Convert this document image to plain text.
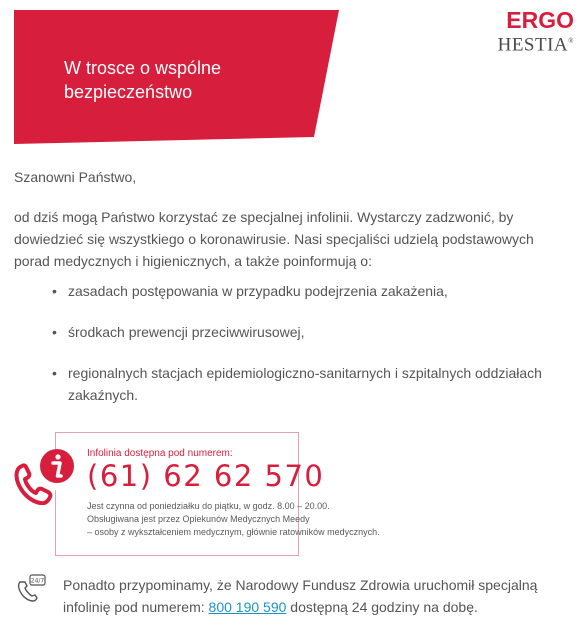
W trosce o wspólne bezpieczeństwo
ERGO
HESTIA®
Szanowni Państwo,
od dziś mogą Państwo korzystać ze specjalnej infolinii. Wystarczy zadzwonić, by dowiedzieć się wszystkiego o koronawirusie. Nasi specjaliści udzielą podstawowych porad medycznych i higienicznych, a także poinformują o:
• zasadach postępowania w przypadku podejrzenia zakażenia,
• środkach prewencji przeciwwirusowej,
• regionalnych stacjach epidemiologiczno-sanitarnych i szpitalnych oddziałach zakaźnych.
Infolinia dostępna pod numerem:
(61) 62 62 570
Jest czynna od poniedziałku do piątku, w godz. 8.00 – 20.00.
Obsługiwana jest przez Opiekunów Medycznych Meedy
– osoby z wykształceniem medycznym, głównie ratowników medycznych.
24/7 Ponadto przypominamy, że Narodowy Fundusz Zdrowia uruchomił specjalną infolinię pod numerem: 800 190 590 dostępną 24 godziny na dobę.
